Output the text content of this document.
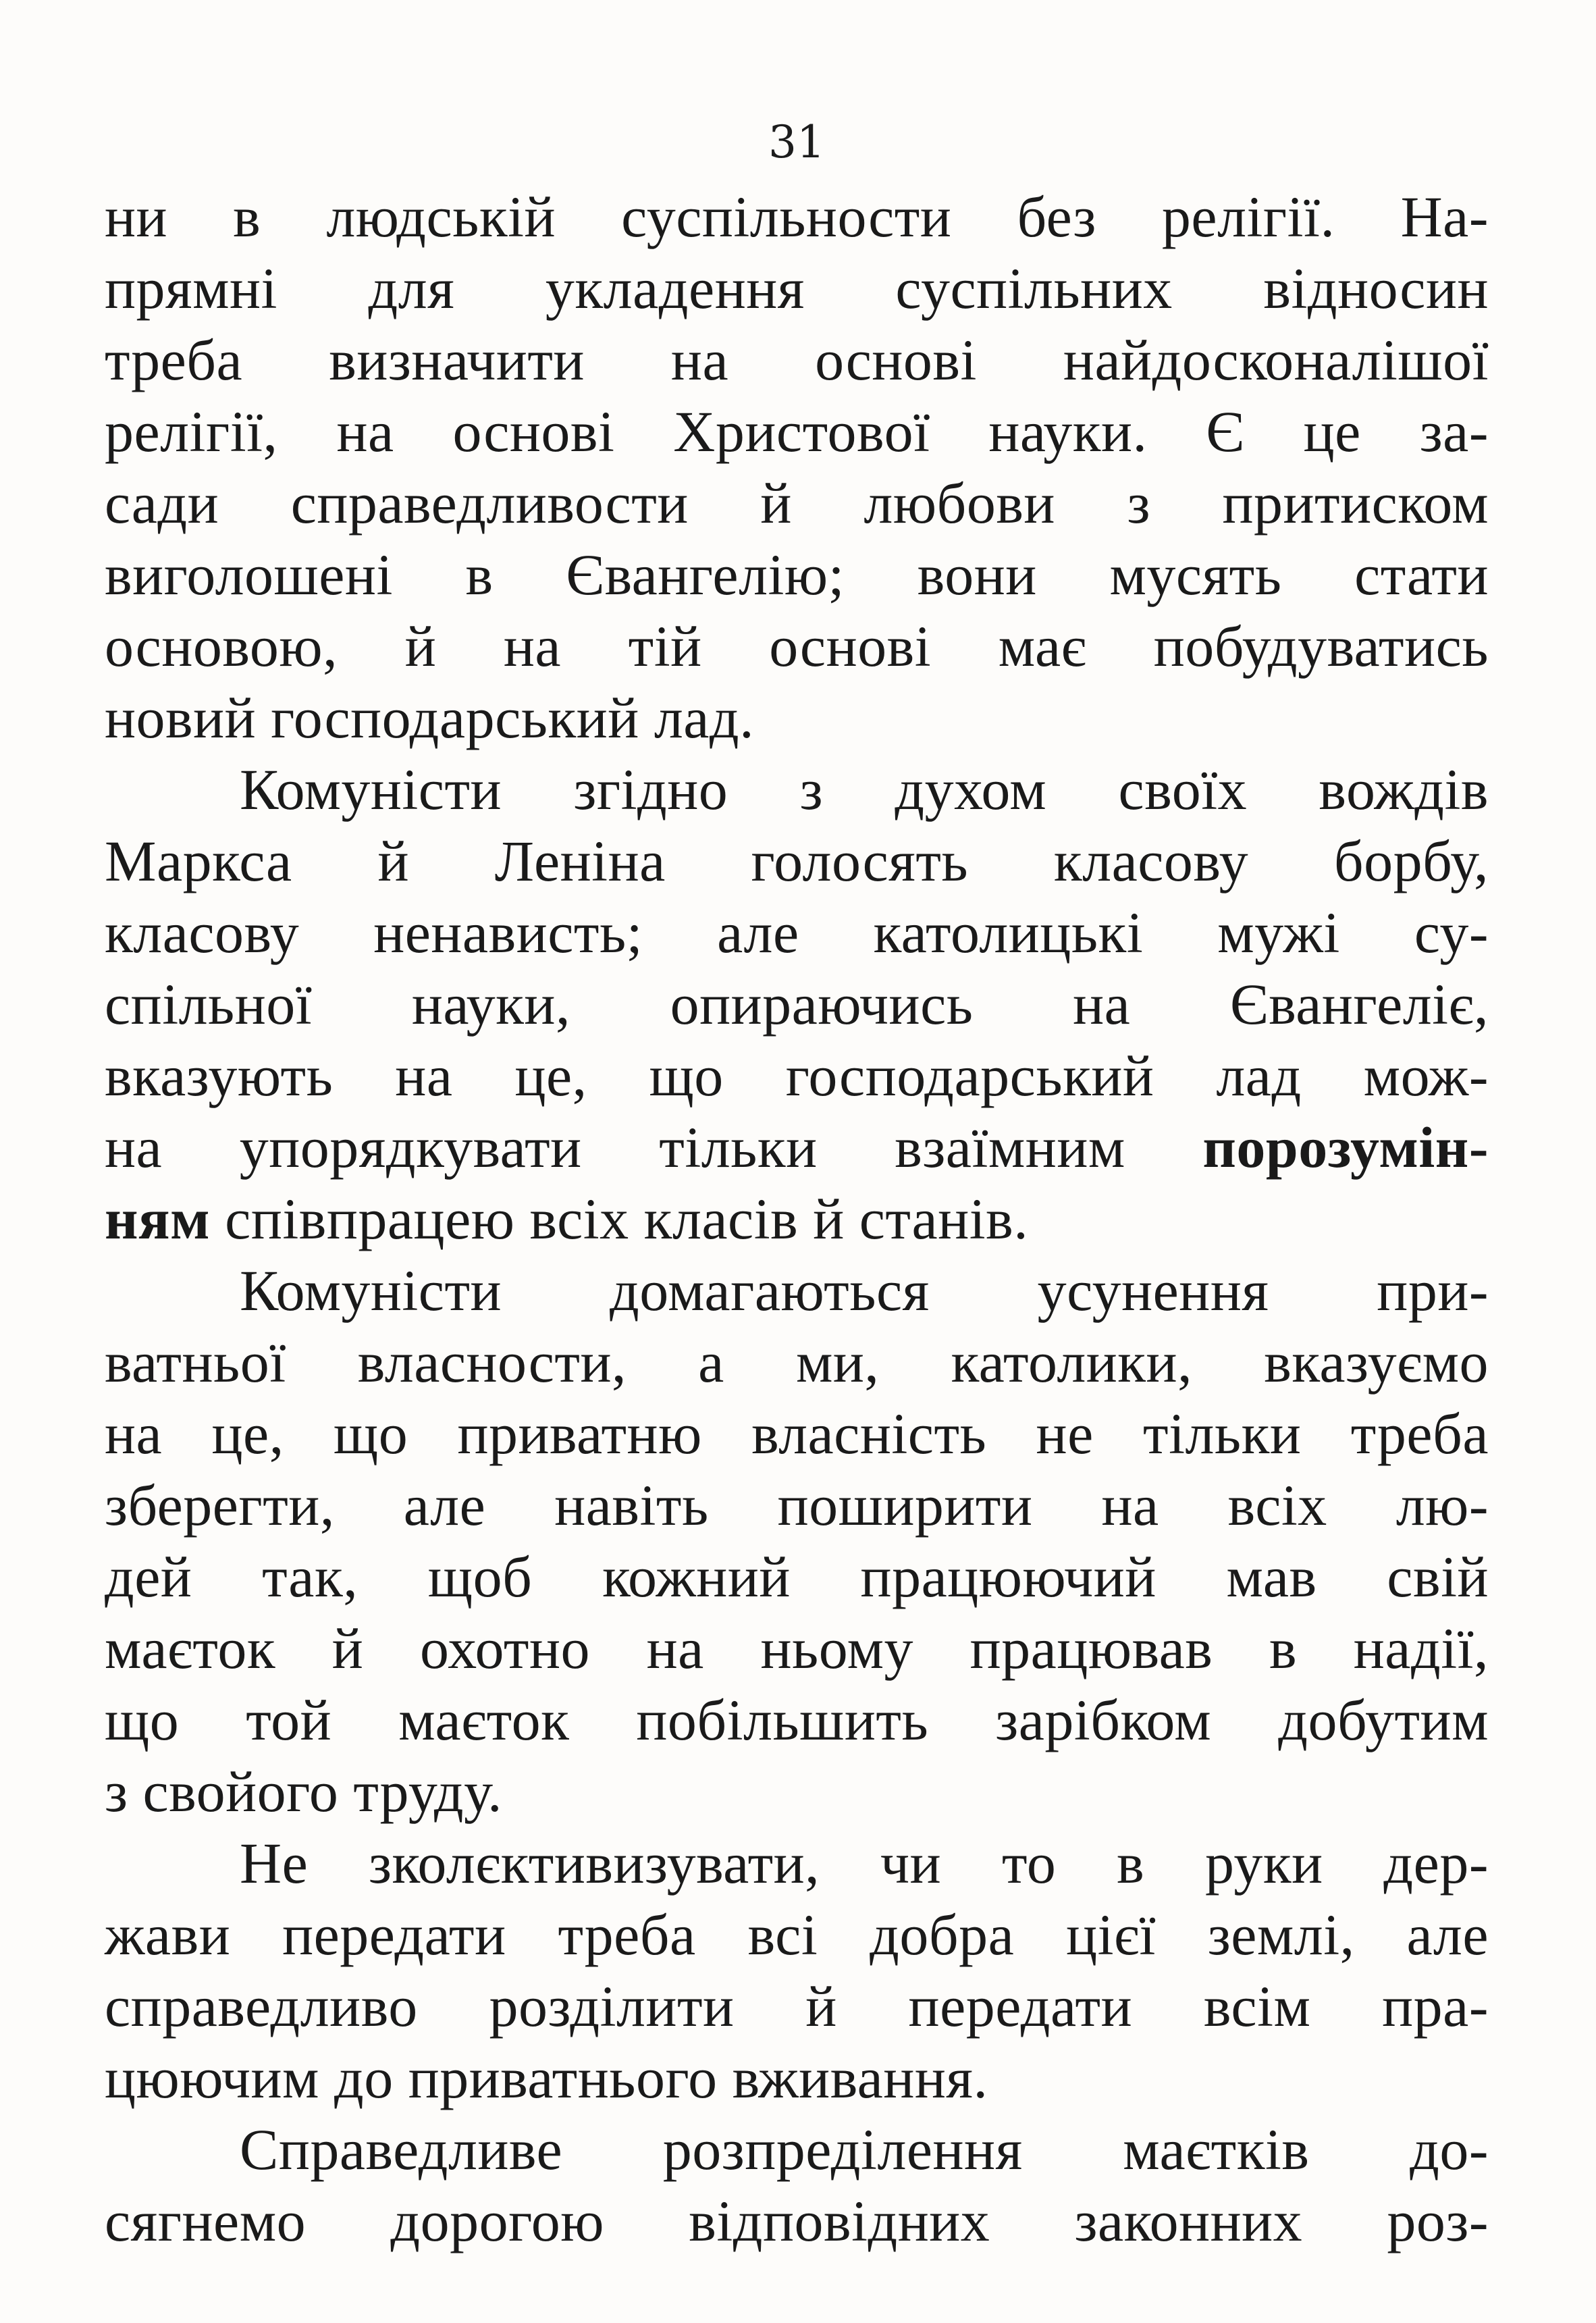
31
ни в людській суспільности без релігії. На-
прямні для укладення суспільних відносин
треба визначити на основі найдосконалішої
релігії, на основі Христової науки. Є це за-
сади справедливости й любови з притиском
виголошені в Євангелію; вони мусять стати
основою, й на тій основі має побудуватись
новий господарський лад.
Комуністи згідно з духом своїх вождів
Маркса й Леніна голосять класову борбу,
класову ненависть; але католицькі мужі су-
спільної науки, опираючись на Євангеліє,
вказують на це, що господарський лад мож-
на упорядкувати тільки взаїмним порозумін-
ням співпрацею всіх класів й станів.
Комуністи домагаються усунення при-
ватньої власности, а ми, католики, вказуємо
на це, що приватню власність не тільки треба
зберегти, але навіть поширити на всіх лю-
дей так, щоб кожний працюючий мав свій
маєток й охотно на ньому працював в надії,
що той маєток побільшить зарібком добутим
з свойого труду.
Не зколєктивизувати, чи то в руки дер-
жави передати треба всі добра цієї землі, але
справедливо розділити й передати всім пра-
цюючим до приватнього вживання.
Справедливе розпреділення маєтків до-
сягнемо дорогою відповідних законних роз-
